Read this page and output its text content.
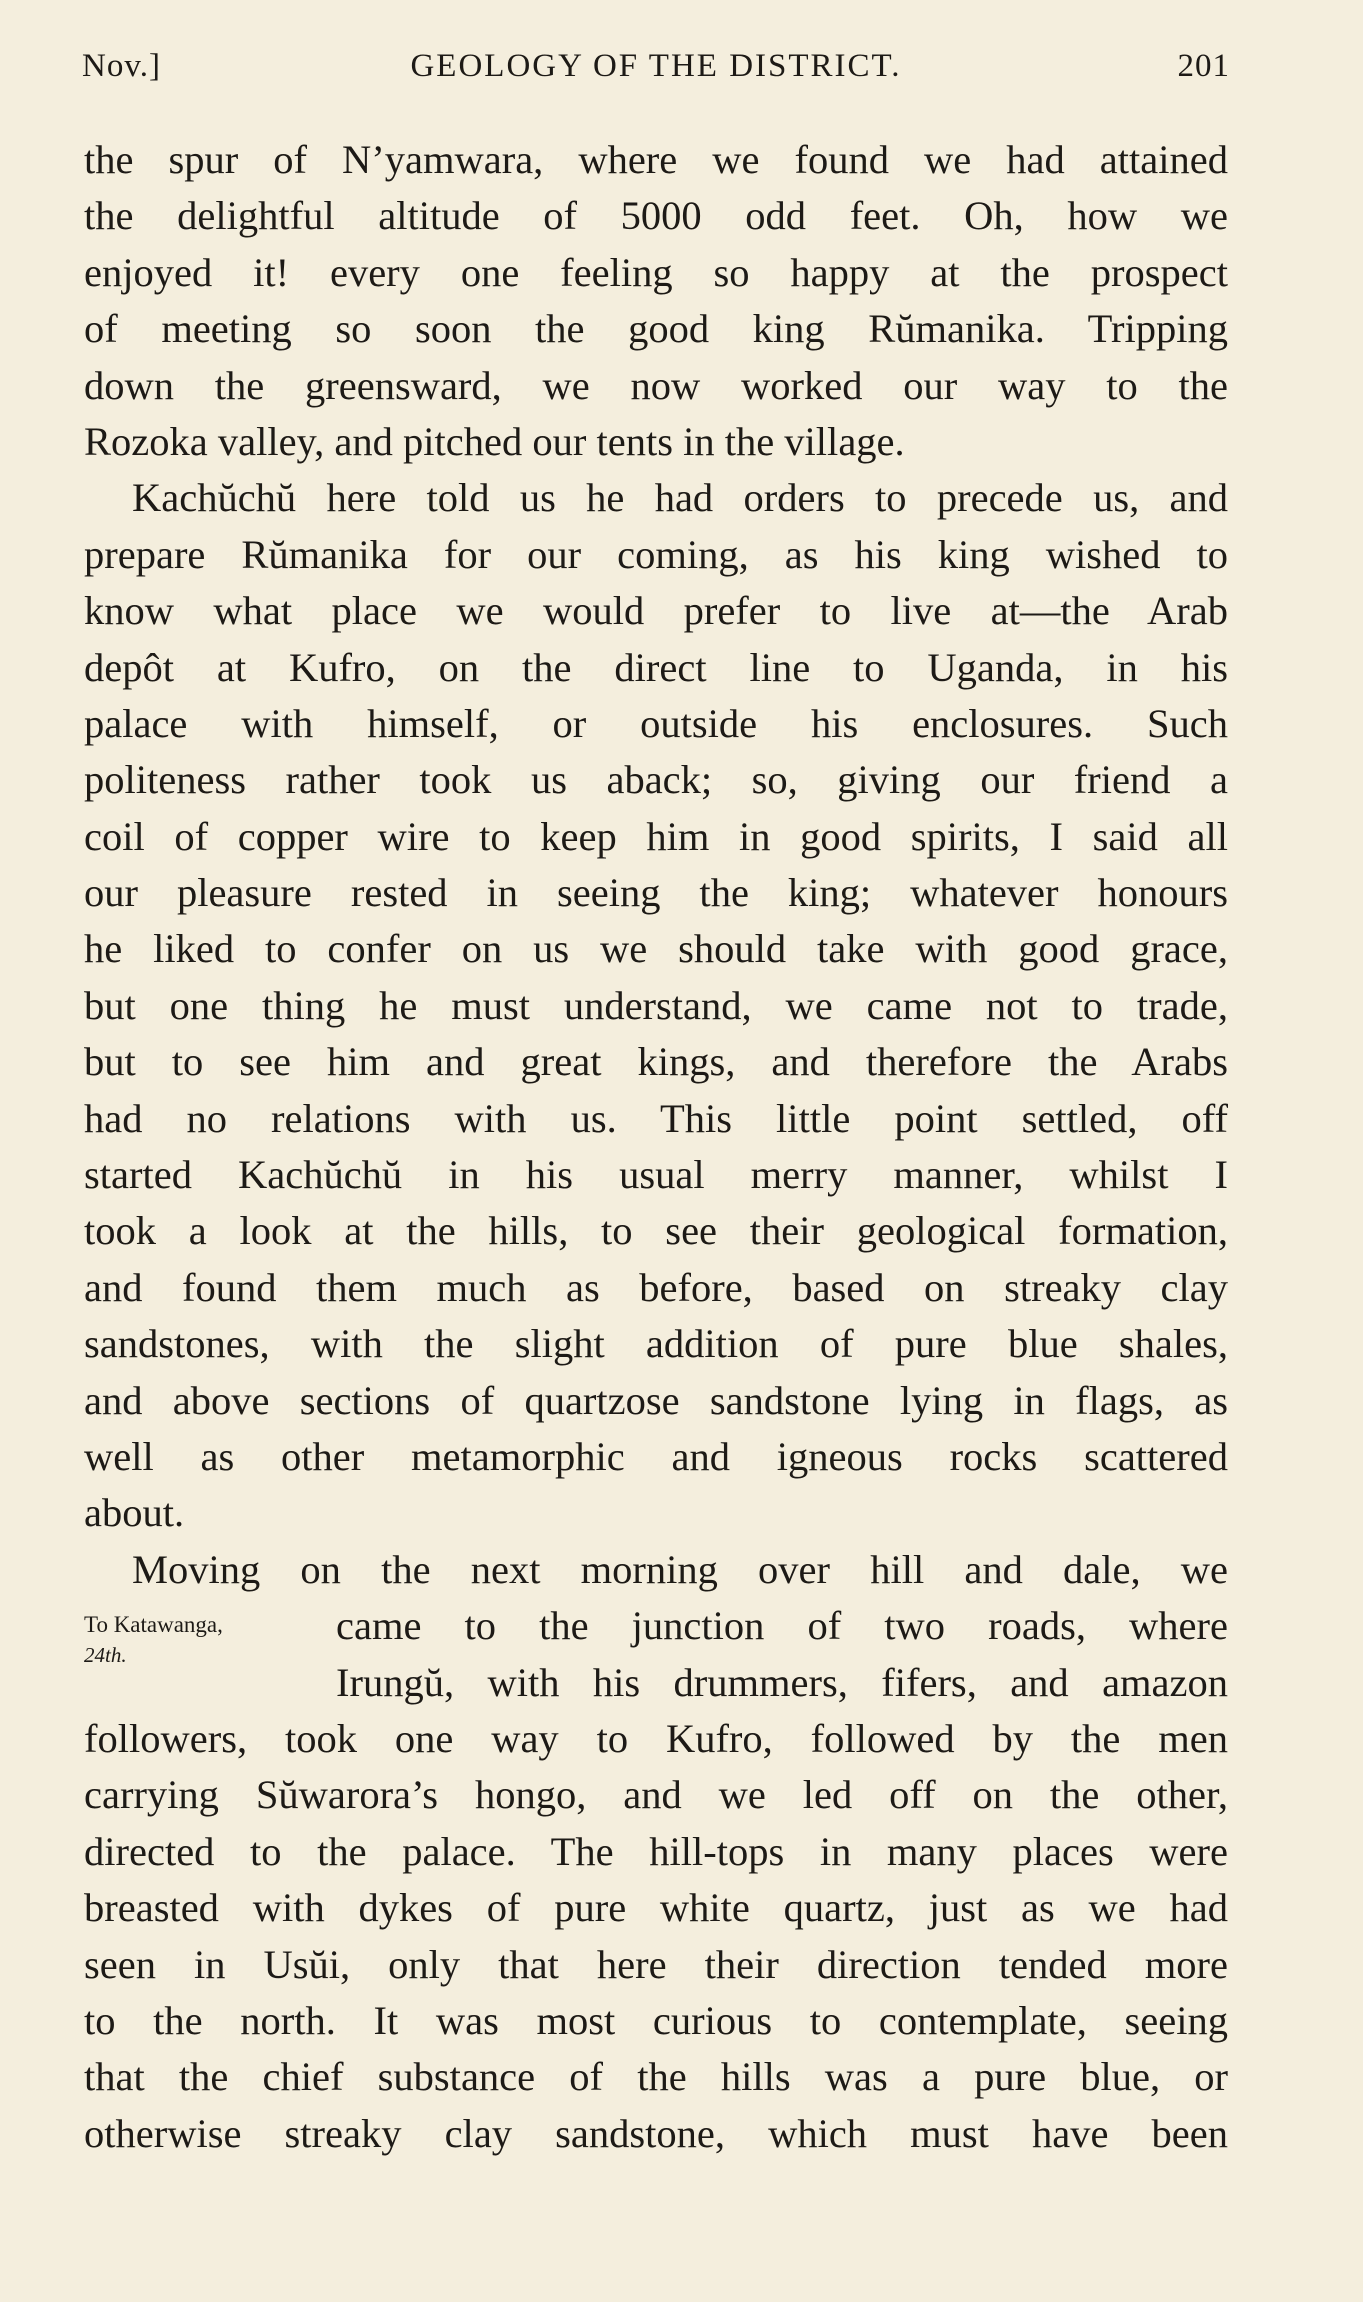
Nov.]	GEOLOGY OF THE DISTRICT.	201
the spur of N’yamwara, where we found we had attained
the delightful altitude of 5000 odd feet. Oh, how we
enjoyed it! every one feeling so happy at the prospect
of meeting so soon the good king Rŭmanika. Tripping
down the greensward, we now worked our way to the
Rozoka valley, and pitched our tents in the village.
Kachŭchŭ here told us he had orders to precede us, and
prepare Rŭmanika for our coming, as his king wished to
know what place we would prefer to live at—the Arab
depôt at Kufro, on the direct line to Uganda, in his
palace with himself, or outside his enclosures. Such
politeness rather took us aback; so, giving our friend a
coil of copper wire to keep him in good spirits, I said all
our pleasure rested in seeing the king; whatever honours
he liked to confer on us we should take with good grace,
but one thing he must understand, we came not to trade,
but to see him and great kings, and therefore the Arabs
had no relations with us. This little point settled, off
started Kachŭchŭ in his usual merry manner, whilst I
took a look at the hills, to see their geological formation,
and found them much as before, based on streaky clay
sandstones, with the slight addition of pure blue shales,
and above sections of quartzose sandstone lying in flags, as
well as other metamorphic and igneous rocks scattered
about.
Moving on the next morning over hill and dale, we
came to the junction of two roads, where
Irungŭ, with his drummers, fifers, and amazon
followers, took one way to Kufro, followed by the men
carrying Sŭwarora’s hongo, and we led off on the other,
directed to the palace. The hill-tops in many places were
breasted with dykes of pure white quartz, just as we had
seen in Usŭi, only that here their direction tended more
to the north. It was most curious to contemplate, seeing
that the chief substance of the hills was a pure blue, or
otherwise streaky clay sandstone, which must have been
To Katawanga,
24th.
